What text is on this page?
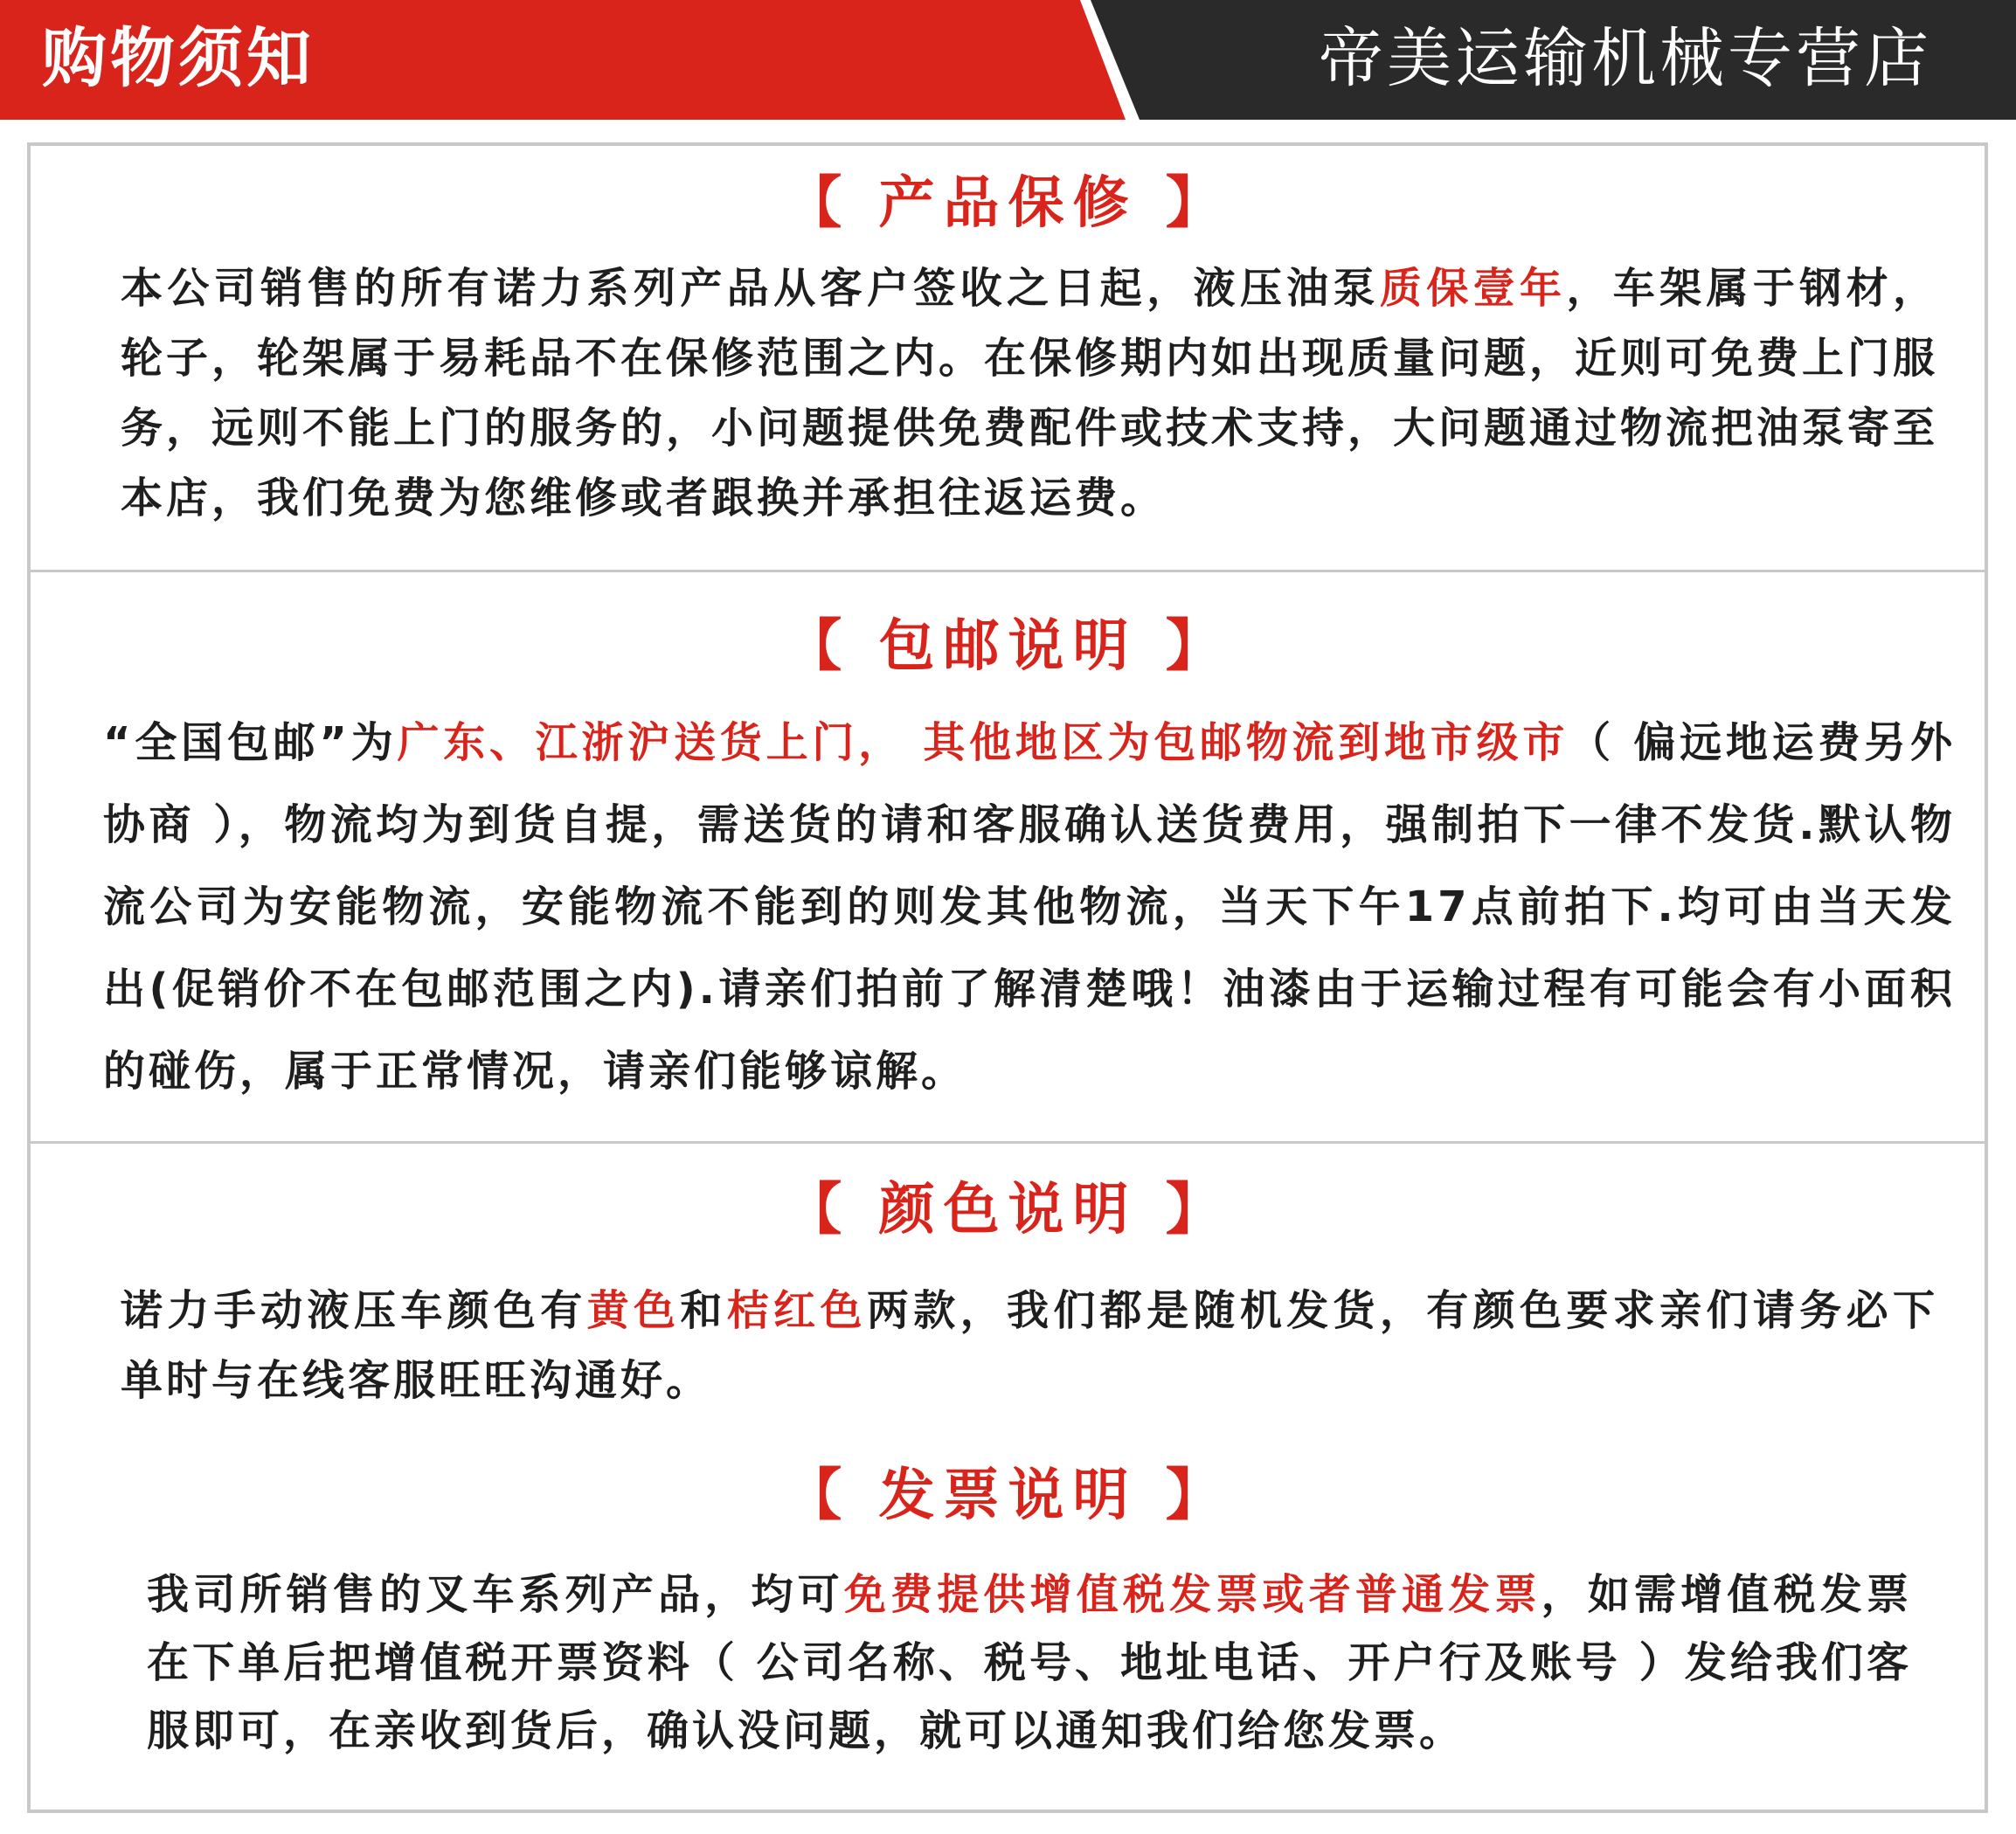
购物须知	帝美运输机械专营店
【 产品保修 】
本公司销售的所有诺力系列产品从客户签收之日起，液压油泵质保壹年，车架属于钢材，轮子，轮架属于易耗品不在保修范围之内。在保修期内如出现质量问题，近则可免费上门服务，远则不能上门的服务的，小问题提供免费配件或技术支持，大问题通过物流把油泵寄至本店，我们免费为您维修或者跟换并承担往返运费。
【 包邮说明 】
“全国包邮”为广东、江浙沪送货上门， 其他地区为包邮物流到地市级市（ 偏远地运费另外协商 ），物流均为到货自提，需送货的请和客服确认送货费用，强制拍下一律不发货.默认物流公司为安能物流，安能物流不能到的则发其他物流，当天下午17点前拍下.均可由当天发出(促销价不在包邮范围之内).请亲们拍前了解清楚哦！油漆由于运输过程有可能会有小面积的碰伤，属于正常情况，请亲们能够谅解。
【 颜色说明 】
诺力手动液压车颜色有黄色和桔红色两款，我们都是随机发货，有颜色要求亲们请务必下单时与在线客服旺旺沟通好。
【 发票说明 】
我司所销售的叉车系列产品，均可免费提供增值税发票或者普通发票，如需增值税发票在下单后把增值税开票资料（ 公司名称、税号、地址电话、开户行及账号 ）发给我们客服即可，在亲收到货后，确认没问题，就可以通知我们给您发票。
